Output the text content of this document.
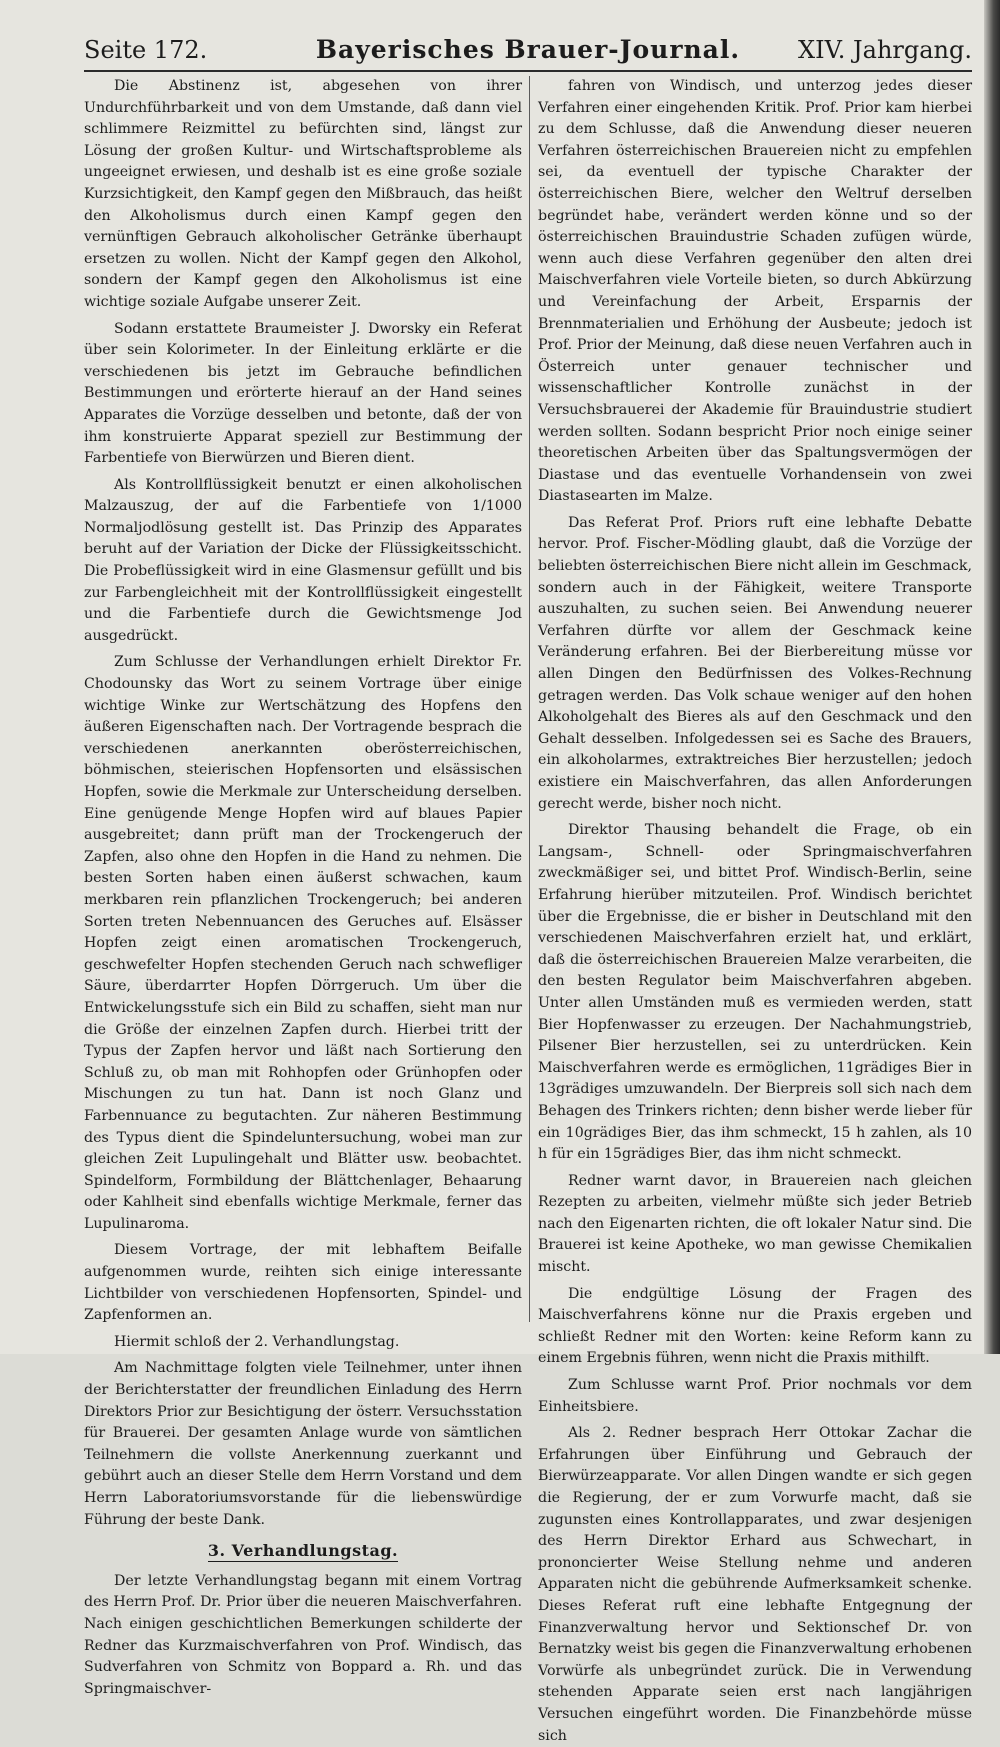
Seite 172.	Bayerisches Brauer-Journal.	XIV. Jahrgang.

Die Abstinenz ist, abgesehen von ihrer Undurchführbarkeit und von dem Umstande, daß dann viel schlimmere Reizmittel zu befürchten sind, längst zur Lösung der großen Kultur- und Wirtschaftsprobleme als ungeeignet erwiesen, und deshalb ist es eine große soziale Kurzsichtigkeit, den Kampf gegen den Mißbrauch, das heißt den Alkoholismus durch einen Kampf gegen den vernünftigen Gebrauch alkoholischer Getränke überhaupt ersetzen zu wollen. Nicht der Kampf gegen den Alkohol, sondern der Kampf gegen den Alkoholismus ist eine wichtige soziale Aufgabe unserer Zeit.

Sodann erstattete Braumeister J. Dworsky ein Referat über sein Kolorimeter. In der Einleitung erklärte er die verschiedenen bis jetzt im Gebrauche befindlichen Bestimmungen und erörterte hierauf an der Hand seines Apparates die Vorzüge desselben und betonte, daß der von ihm konstruierte Apparat speziell zur Bestimmung der Farbentiefe von Bierwürzen und Bieren dient.

Als Kontrollflüssigkeit benutzt er einen alkoholischen Malzauszug, der auf die Farbentiefe von 1/1000 Normaljodlösung gestellt ist. Das Prinzip des Apparates beruht auf der Variation der Dicke der Flüssigkeitsschicht. Die Probeflüssigkeit wird in eine Glasmensur gefüllt und bis zur Farbengleichheit mit der Kontrollflüssigkeit eingestellt und die Farbentiefe durch die Gewichtsmenge Jod ausgedrückt.

Zum Schlusse der Verhandlungen erhielt Direktor Fr. Chodounsky das Wort zu seinem Vortrage über einige wichtige Winke zur Wertschätzung des Hopfens den äußeren Eigenschaften nach. Der Vortragende besprach die verschiedenen anerkannten oberösterreichischen, böhmischen, steierischen Hopfensorten und elsässischen Hopfen, sowie die Merkmale zur Unterscheidung derselben. Eine genügende Menge Hopfen wird auf blaues Papier ausgebreitet; dann prüft man der Trockengeruch der Zapfen, also ohne den Hopfen in die Hand zu nehmen. Die besten Sorten haben einen äußerst schwachen, kaum merkbaren rein pflanzlichen Trockengeruch; bei anderen Sorten treten Nebennuancen des Geruches auf. Elsässer Hopfen zeigt einen aromatischen Trockengeruch, geschwefelter Hopfen stechenden Geruch nach schwefliger Säure, überdarrter Hopfen Dörrgeruch. Um über die Entwickelungsstufe sich ein Bild zu schaffen, sieht man nur die Größe der einzelnen Zapfen durch. Hierbei tritt der Typus der Zapfen hervor und läßt nach Sortierung den Schluß zu, ob man mit Rohhopfen oder Grünhopfen oder Mischungen zu tun hat. Dann ist noch Glanz und Farbennuance zu begutachten. Zur näheren Bestimmung des Typus dient die Spindeluntersuchung, wobei man zur gleichen Zeit Lupulingehalt und Blätter usw. beobachtet. Spindelform, Formbildung der Blättchenlager, Behaarung oder Kahlheit sind ebenfalls wichtige Merkmale, ferner das Lupulinaroma.

Diesem Vortrage, der mit lebhaftem Beifalle aufgenommen wurde, reihten sich einige interessante Lichtbilder von verschiedenen Hopfensorten, Spindel- und Zapfenformen an.

Hiermit schloß der 2. Verhandlungstag.

Am Nachmittage folgten viele Teilnehmer, unter ihnen der Berichterstatter der freundlichen Einladung des Herrn Direktors Prior zur Besichtigung der österr. Versuchsstation für Brauerei. Der gesamten Anlage wurde von sämtlichen Teilnehmern die vollste Anerkennung zuerkannt und gebührt auch an dieser Stelle dem Herrn Vorstand und dem Herrn Laboratoriumsvorstande für die liebenswürdige Führung der beste Dank.

3. Verhandlungstag.

Der letzte Verhandlungstag begann mit einem Vortrag des Herrn Prof. Dr. Prior über die neueren Maischverfahren. Nach einigen geschichtlichen Bemerkungen schilderte der Redner das Kurzmaischverfahren von Prof. Windisch, das Sudverfahren von Schmitz von Boppard a. Rh. und das Springmaischver-

fahren von Windisch, und unterzog jedes dieser Verfahren einer eingehenden Kritik. Prof. Prior kam hierbei zu dem Schlusse, daß die Anwendung dieser neueren Verfahren österreichischen Brauereien nicht zu empfehlen sei, da eventuell der typische Charakter der österreichischen Biere, welcher den Weltruf derselben begründet habe, verändert werden könne und so der österreichischen Brauindustrie Schaden zufügen würde, wenn auch diese Verfahren gegenüber den alten drei Maischverfahren viele Vorteile bieten, so durch Abkürzung und Vereinfachung der Arbeit, Ersparnis der Brennmaterialien und Erhöhung der Ausbeute; jedoch ist Prof. Prior der Meinung, daß diese neuen Verfahren auch in Österreich unter genauer technischer und wissenschaftlicher Kontrolle zunächst in der Versuchsbrauerei der Akademie für Brauindustrie studiert werden sollten. Sodann bespricht Prior noch einige seiner theoretischen Arbeiten über das Spaltungsvermögen der Diastase und das eventuelle Vorhandensein von zwei Diastasearten im Malze.

Das Referat Prof. Priors ruft eine lebhafte Debatte hervor. Prof. Fischer-Mödling glaubt, daß die Vorzüge der beliebten österreichischen Biere nicht allein im Geschmack, sondern auch in der Fähigkeit, weitere Transporte auszuhalten, zu suchen seien. Bei Anwendung neuerer Verfahren dürfte vor allem der Geschmack keine Veränderung erfahren. Bei der Bierbereitung müsse vor allen Dingen den Bedürfnissen des Volkes-Rechnung getragen werden. Das Volk schaue weniger auf den hohen Alkoholgehalt des Bieres als auf den Geschmack und den Gehalt desselben. Infolgedessen sei es Sache des Brauers, ein alkoholarmes, extraktreiches Bier herzustellen; jedoch existiere ein Maischverfahren, das allen Anforderungen gerecht werde, bisher noch nicht.

Direktor Thausing behandelt die Frage, ob ein Langsam-, Schnell- oder Springmaischverfahren zweckmäßiger sei, und bittet Prof. Windisch-Berlin, seine Erfahrung hierüber mitzuteilen. Prof. Windisch berichtet über die Ergebnisse, die er bisher in Deutschland mit den verschiedenen Maischverfahren erzielt hat, und erklärt, daß die österreichischen Brauereien Malze verarbeiten, die den besten Regulator beim Maischverfahren abgeben. Unter allen Umständen muß es vermieden werden, statt Bier Hopfenwasser zu erzeugen. Der Nachahmungstrieb, Pilsener Bier herzustellen, sei zu unterdrücken. Kein Maischverfahren werde es ermöglichen, 11grädiges Bier in 13grädiges umzuwandeln. Der Bierpreis soll sich nach dem Behagen des Trinkers richten; denn bisher werde lieber für ein 10grädiges Bier, das ihm schmeckt, 15 h zahlen, als 10 h für ein 15grädiges Bier, das ihm nicht schmeckt.

Redner warnt davor, in Brauereien nach gleichen Rezepten zu arbeiten, vielmehr müßte sich jeder Betrieb nach den Eigenarten richten, die oft lokaler Natur sind. Die Brauerei ist keine Apotheke, wo man gewisse Chemikalien mischt.

Die endgültige Lösung der Fragen des Maischverfahrens könne nur die Praxis ergeben und schließt Redner mit den Worten: keine Reform kann zu einem Ergebnis führen, wenn nicht die Praxis mithilft.

Zum Schlusse warnt Prof. Prior nochmals vor dem Einheitsbiere.

Als 2. Redner besprach Herr Ottokar Zachar die Erfahrungen über Einführung und Gebrauch der Bierwürzeapparate. Vor allen Dingen wandte er sich gegen die Regierung, der er zum Vorwurfe macht, daß sie zugunsten eines Kontrollapparates, und zwar desjenigen des Herrn Direktor Erhard aus Schwechart, in prononcierter Weise Stellung nehme und anderen Apparaten nicht die gebührende Aufmerksamkeit schenke. Dieses Referat ruft eine lebhafte Entgegnung der Finanzverwaltung hervor und Sektionschef Dr. von Bernatzky weist bis gegen die Finanzverwaltung erhobenen Vorwürfe als unbegründet zurück. Die in Verwendung stehenden Apparate seien erst nach langjährigen Versuchen eingeführt worden. Die Finanzbehörde müsse sich
